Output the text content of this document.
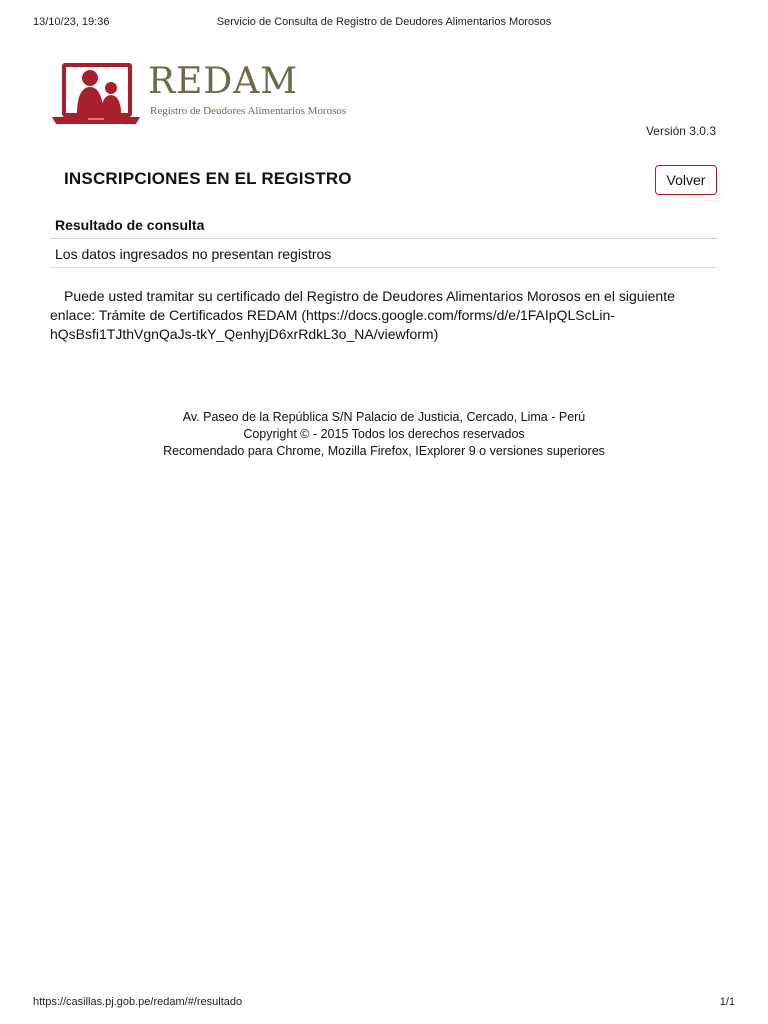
13/10/23, 19:36	Servicio de Consulta de Registro de Deudores Alimentarios Morosos
REDAM
Registro de Deudores Alimentarios Morosos
Versión 3.0.3
INSCRIPCIONES EN EL REGISTRO	Volver
Resultado de consulta
Los datos ingresados no presentan registros
Puede usted tramitar su certificado del Registro de Deudores Alimentarios Morosos en el siguiente enlace: Trámite de Certificados REDAM (https://docs.google.com/forms/d/e/1FAIpQLScLin-hQsBsfi1TJthVgnQaJs-tkY_QenhyjD6xrRdkL3o_NA/viewform)
Av. Paseo de la República S/N Palacio de Justicia, Cercado, Lima - Perú
Copyright © - 2015 Todos los derechos reservados
Recomendado para Chrome, Mozilla Firefox, IExplorer 9 o versiones superiores
https://casillas.pj.gob.pe/redam/#/resultado	1/1
